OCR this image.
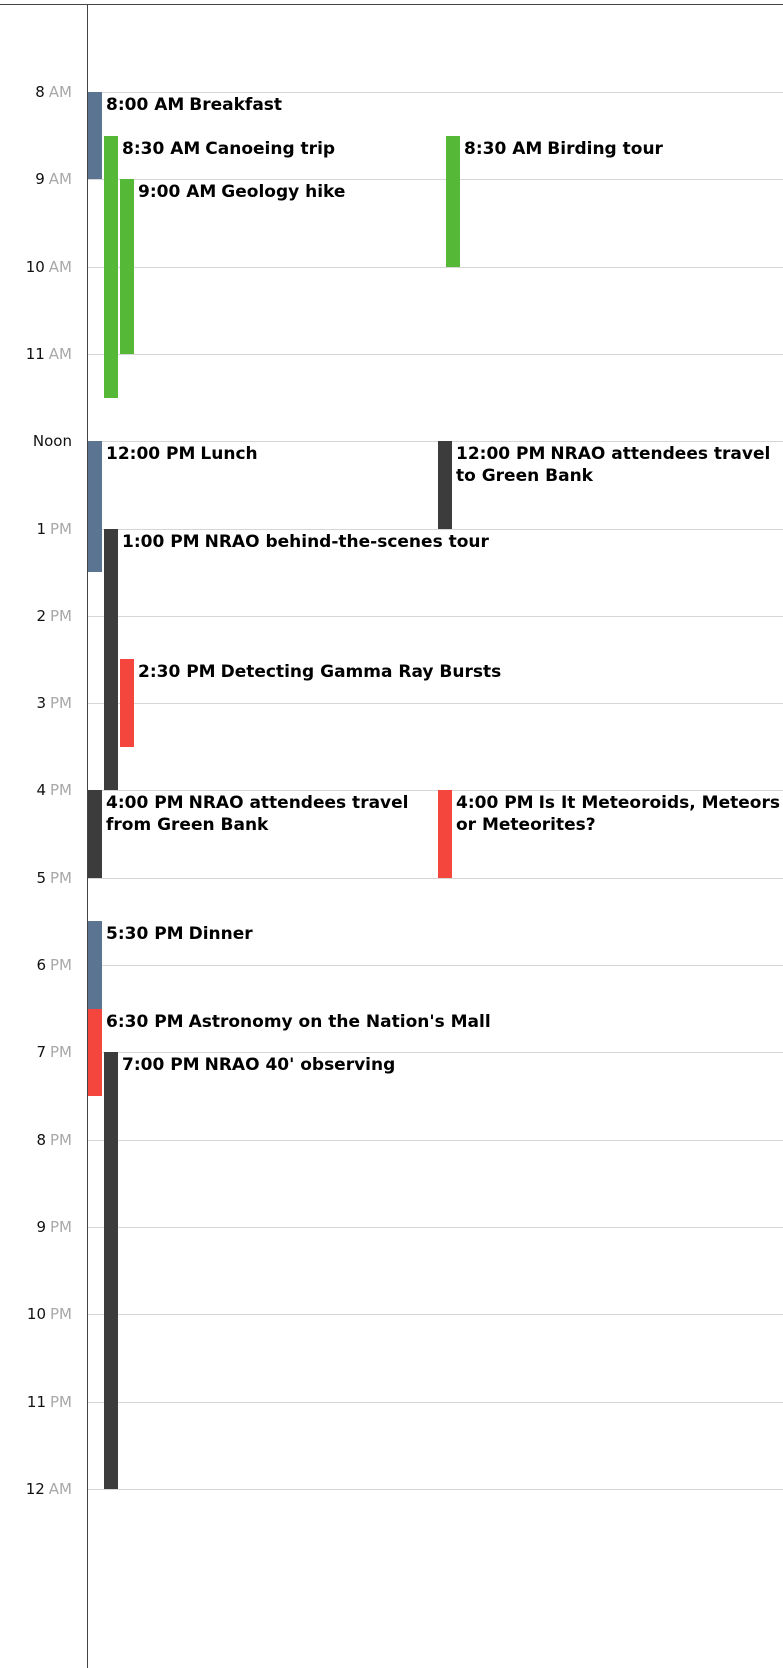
8 AM
9 AM
10 AM
11 AM
Noon
1 PM
2 PM
3 PM
4 PM
5 PM
6 PM
7 PM
8 PM
9 PM
10 PM
11 PM
12 AM
8:00 AM Breakfast
8:30 AM Canoeing trip	8:30 AM Birding tour
9:00 AM Geology hike
12:00 PM Lunch	12:00 PM NRAO attendees travel to Green Bank
1:00 PM NRAO behind-the-scenes tour
2:30 PM Detecting Gamma Ray Bursts
4:00 PM NRAO attendees travel from Green Bank
4:00 PM Is It Meteoroids, Meteors or Meteorites?
5:30 PM Dinner
6:30 PM Astronomy on the Nation's Mall
7:00 PM NRAO 40' observing
